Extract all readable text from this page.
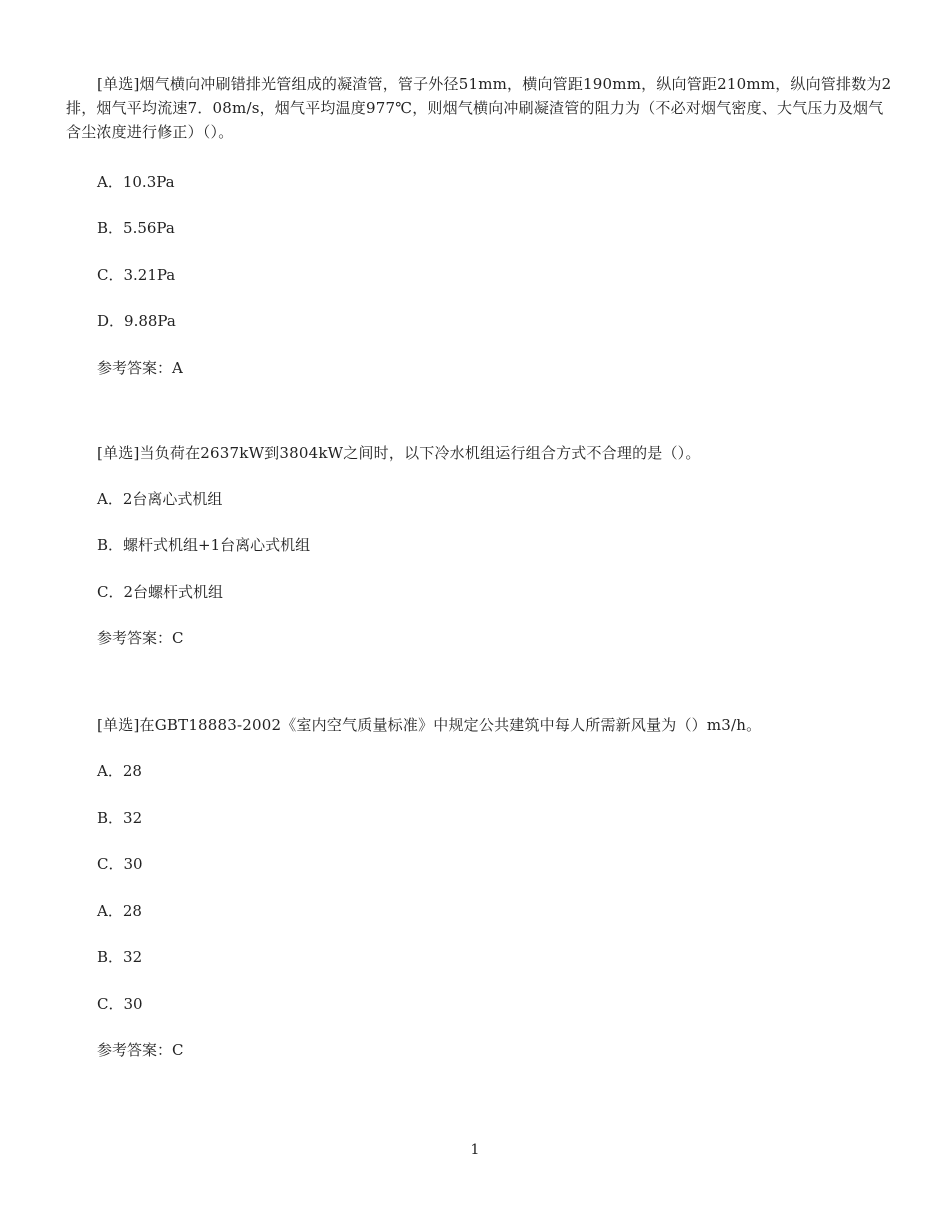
[单选]烟气横向冲刷错排光管组成的凝渣管，管子外径51mm，横向管距190mm，纵向管距210mm，纵向管排数为2排，烟气平均流速7．08m/s，烟气平均温度977℃，则烟气横向冲刷凝渣管的阻力为（不必对烟气密度、大气压力及烟气含尘浓度进行修正）（）。

A．10.3Pa

B．5.56Pa

C．3.21Pa

D．9.88Pa

参考答案：A

[单选]当负荷在2637kW到3804kW之间时，以下冷水机组运行组合方式不合理的是（）。

A．2台离心式机组

B．螺杆式机组+1台离心式机组

C．2台螺杆式机组

参考答案：C

[单选]在GBT18883-2002《室内空气质量标准》中规定公共建筑中每人所需新风量为（）m3/h。

A．28

B．32

C．30

A．28

B．32

C．30

参考答案：C

1
